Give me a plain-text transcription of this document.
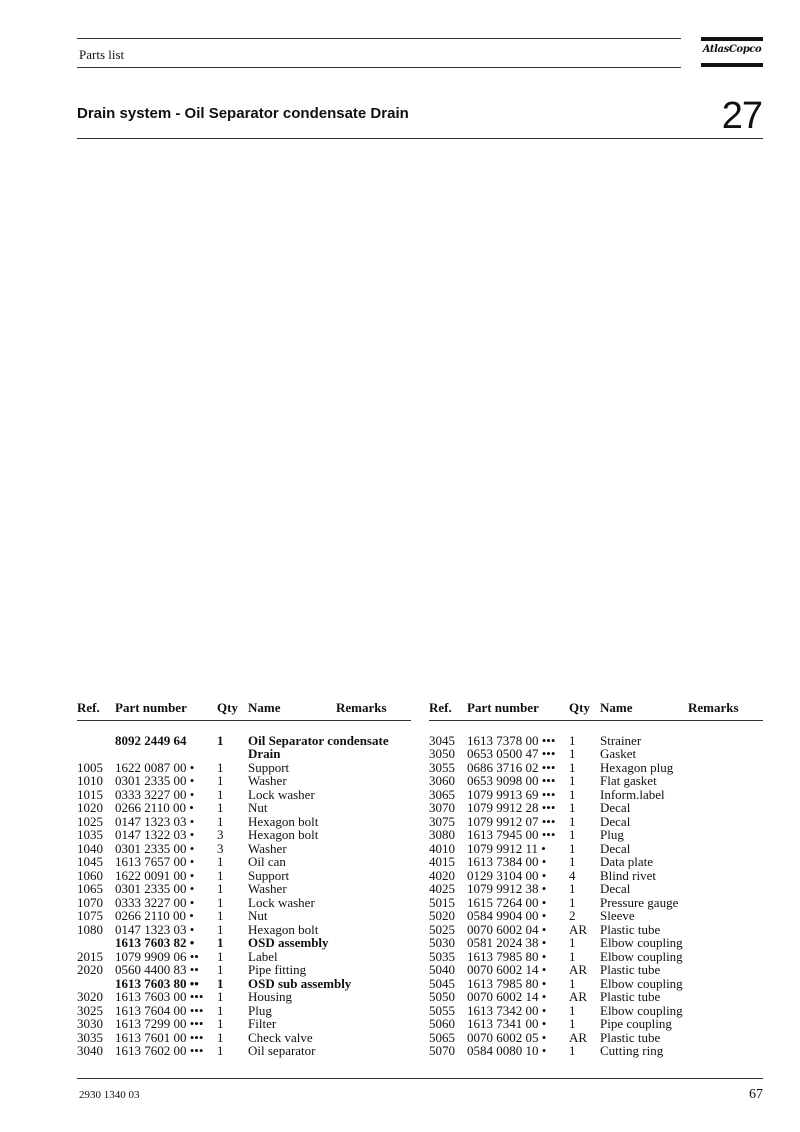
Parts list	AtlasCopco
Drain system - Oil Separator condensate Drain	27
Ref.	Part number	Qty	Name	Remarks

	8092 2449 64	1	Oil Separator condensate	
			Drain	
1005	1622 0087 00 •	1	Support	
1010	0301 2335 00 •	1	Washer	
1015	0333 3227 00 •	1	Lock washer	
1020	0266 2110 00 •	1	Nut	
1025	0147 1323 03 •	1	Hexagon bolt	
1035	0147 1322 03 •	3	Hexagon bolt	
1040	0301 2335 00 •	3	Washer	
1045	1613 7657 00 •	1	Oil can	
1060	1622 0091 00 •	1	Support	
1065	0301 2335 00 •	1	Washer	
1070	0333 3227 00 •	1	Lock washer	
1075	0266 2110 00 •	1	Nut	
1080	0147 1323 03 •	1	Hexagon bolt	
	1613 7603 82 •	1	OSD assembly	
2015	1079 9909 06 ••	1	Label	
2020	0560 4400 83 ••	1	Pipe fitting	
	1613 7603 80 ••	1	OSD sub assembly	
3020	1613 7603 00 •••	1	Housing	
3025	1613 7604 00 •••	1	Plug	
3030	1613 7299 00 •••	1	Filter	
3035	1613 7601 00 •••	1	Check valve	
3040	1613 7602 00 •••	1	Oil separator	
Ref.	Part number	Qty	Name	Remarks

3045	1613 7378 00 •••	1	Strainer	
3050	0653 0500 47 •••	1	Gasket	
3055	0686 3716 02 •••	1	Hexagon plug	
3060	0653 9098 00 •••	1	Flat gasket	
3065	1079 9913 69 •••	1	Inform.label	
3070	1079 9912 28 •••	1	Decal	
3075	1079 9912 07 •••	1	Decal	
3080	1613 7945 00 •••	1	Plug	
4010	1079 9912 11 •	1	Decal	
4015	1613 7384 00 •	1	Data plate	
4020	0129 3104 00 •	4	Blind rivet	
4025	1079 9912 38 •	1	Decal	
5015	1615 7264 00 •	1	Pressure gauge	
5020	0584 9904 00 •	2	Sleeve	
5025	0070 6002 04 •	AR	Plastic tube	
5030	0581 2024 38 •	1	Elbow coupling	
5035	1613 7985 80 •	1	Elbow coupling	
5040	0070 6002 14 •	AR	Plastic tube	
5045	1613 7985 80 •	1	Elbow coupling	
5050	0070 6002 14 •	AR	Plastic tube	
5055	1613 7342 00 •	1	Elbow coupling	
5060	1613 7341 00 •	1	Pipe coupling	
5065	0070 6002 05 •	AR	Plastic tube	
5070	0584 0080 10 •	1	Cutting ring	
2930 1340 03	67
